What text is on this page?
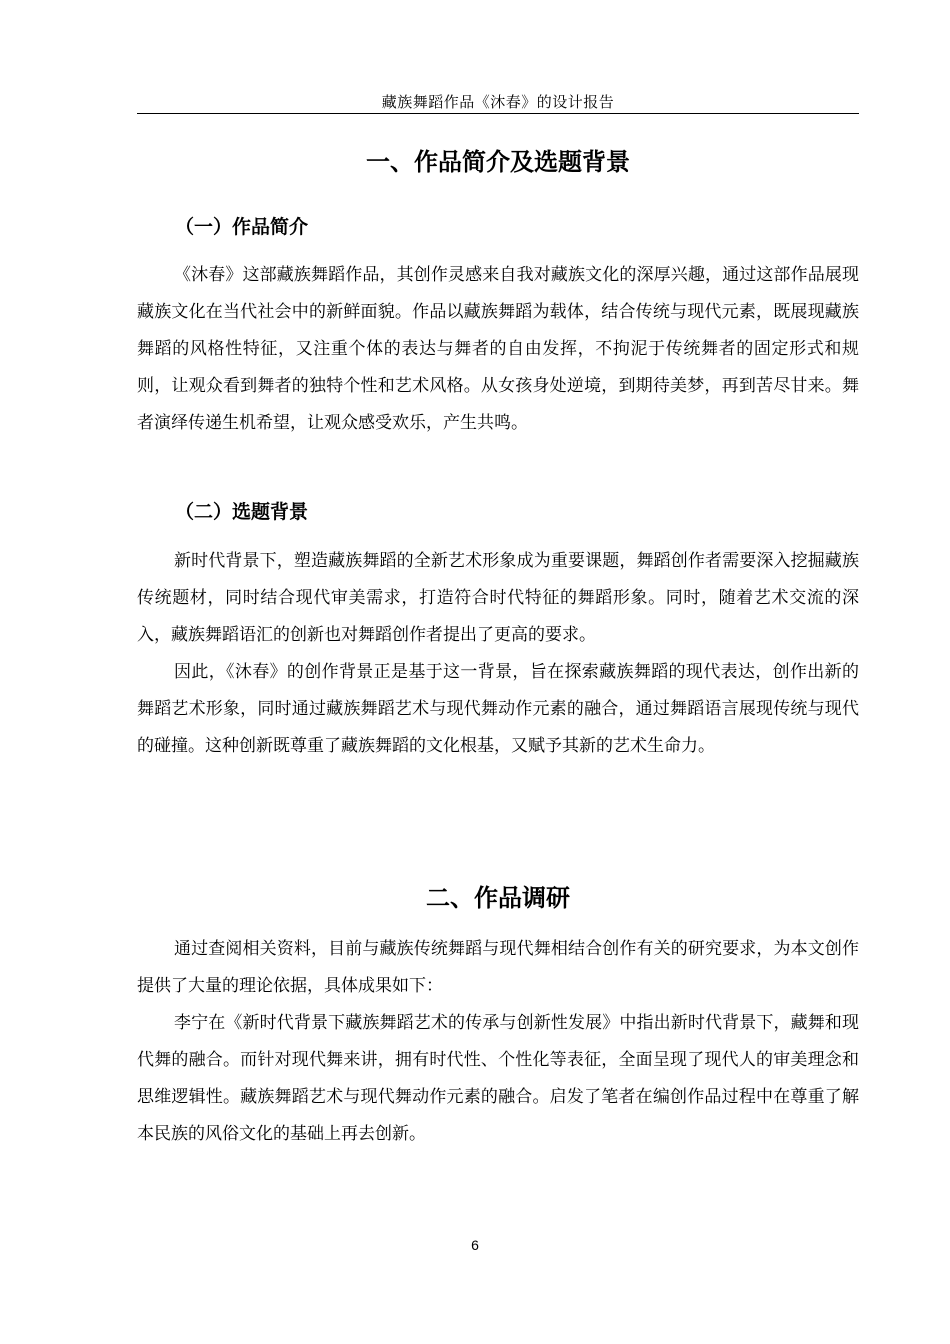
藏族舞蹈作品《沐春》的设计报告
一、作品简介及选题背景
（一）作品简介

《沐春》这部藏族舞蹈作品，其创作灵感来自我对藏族文化的深厚兴趣，通过这部作品展现藏族文化在当代社会中的新鲜面貌。作品以藏族舞蹈为载体，结合传统与现代元素，既展现藏族舞蹈的风格性特征，又注重个体的表达与舞者的自由发挥，不拘泥于传统舞者的固定形式和规则，让观众看到舞者的独特个性和艺术风格。从女孩身处逆境，到期待美梦，再到苦尽甘来。舞者演绎传递生机希望，让观众感受欢乐，产生共鸣。

（二）选题背景

新时代背景下，塑造藏族舞蹈的全新艺术形象成为重要课题，舞蹈创作者需要深入挖掘藏族传统题材，同时结合现代审美需求，打造符合时代特征的舞蹈形象。同时，随着艺术交流的深入，藏族舞蹈语汇的创新也对舞蹈创作者提出了更高的要求。

因此，《沐春》的创作背景正是基于这一背景，旨在探索藏族舞蹈的现代表达，创作出新的舞蹈艺术形象，同时通过藏族舞蹈艺术与现代舞动作元素的融合，通过舞蹈语言展现传统与现代的碰撞。这种创新既尊重了藏族舞蹈的文化根基，又赋予其新的艺术生命力。

二、作品调研

通过查阅相关资料，目前与藏族传统舞蹈与现代舞相结合创作有关的研究要求，为本文创作提供了大量的理论依据，具体成果如下：

李宁在《新时代背景下藏族舞蹈艺术的传承与创新性发展》中指出新时代背景下，藏舞和现代舞的融合。而针对现代舞来讲，拥有时代性、个性化等表征，全面呈现了现代人的审美理念和思维逻辑性。藏族舞蹈艺术与现代舞动作元素的融合。启发了笔者在编创作品过程中在尊重了解本民族的风俗文化的基础上再去创新。

6
